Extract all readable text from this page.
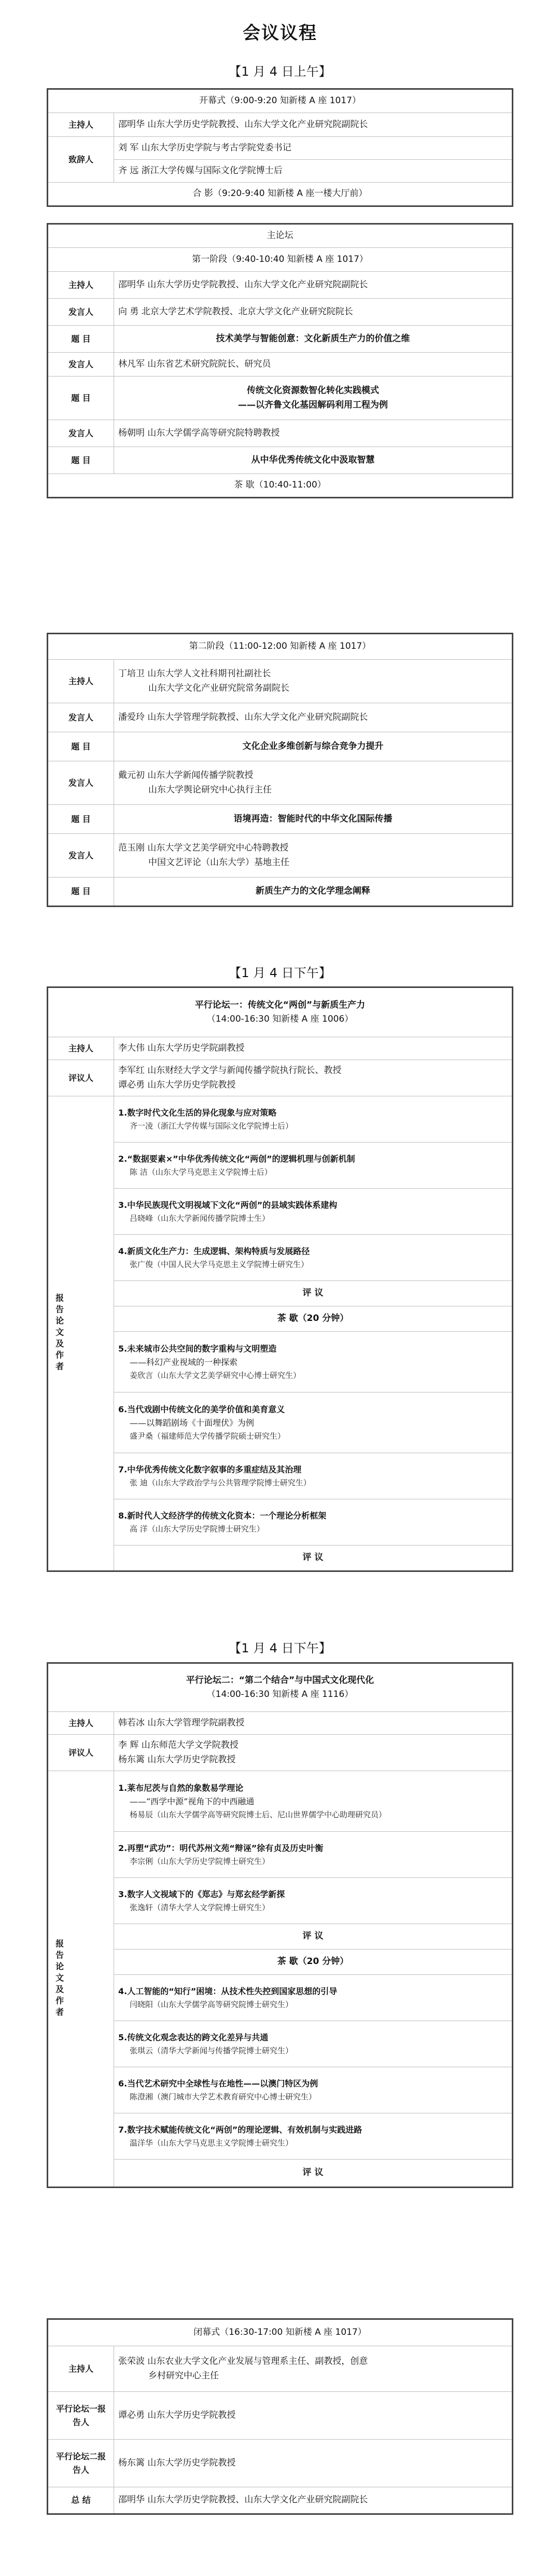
会议议程
【1 月 4 日上午】
开幕式（9:00-9:20 知新楼 A 座 1017）	
主持人	邵明华 山东大学历史学院教授、山东大学文化产业研究院副院长
致辞人	刘 军 山东大学历史学院与考古学院党委书记
	齐 远 浙江大学传媒与国际文化学院博士后
合 影（9:20-9:40 知新楼 A 座一楼大厅前）	
主论坛	
第一阶段（9:40-10:40 知新楼 A 座 1017）	
主持人	邵明华 山东大学历史学院教授、山东大学文化产业研究院副院长
发言人	向 勇 北京大学艺术学院教授、北京大学文化产业研究院院长
题 目	技术美学与智能创意：文化新质生产力的价值之维
发言人	林凡军 山东省艺术研究院院长、研究员
题 目	传统文化资源数智化转化实践模式
——以齐鲁文化基因解码利用工程为例

发言人	杨朝明 山东大学儒学高等研究院特聘教授
题 目	从中华优秀传统文化中汲取智慧
茶 歇（10:40-11:00）	
第二阶段（11:00-12:00 知新楼 A 座 1017）	
主持人	丁培卫 山东大学人文社科期刊社副社长
山东大学文化产业研究院常务副院长

发言人	潘爱玲 山东大学管理学院教授、山东大学文化产业研究院副院长
题 目	文化企业多维创新与综合竞争力提升
发言人	戴元初 山东大学新闻传播学院教授
山东大学舆论研究中心执行主任

题 目	语境再造：智能时代的中华文化国际传播
发言人	范玉刚 山东大学文艺美学研究中心特聘教授
中国文艺评论（山东大学）基地主任

题 目	新质生产力的文化学理念阐释
【1 月 4 日下午】
平行论坛一：传统文化“两创”与新质生产力
（14:00-16:30 知新楼 A 座 1006）	

主持人	李大伟 山东大学历史学院副教授
评议人	李军红 山东财经大学文学与新闻传播学院执行院长、教授
谭必勇 山东大学历史学院教授

报告论文及作者	1.数字时代文化生活的异化现象与应对策略
齐一凌（浙江大学传媒与国际文化学院博士后）

	2.“数据要素×”中华优秀传统文化“两创”的逻辑机理与创新机制
陈 洁（山东大学马克思主义学院博士后）

	3.中华民族现代文明视域下文化“两创”的县域实践体系建构
吕晓峰（山东大学新闻传播学院博士生）

	4.新质文化生产力：生成逻辑、架构特质与发展路径
张广俊（中国人民大学马克思主义学院博士研究生）

	评 议
	茶 歇（20 分钟）

	5.未来城市公共空间的数字重构与文明塑造
——科幻产业视域的一种探索
姜欣言（山东大学文艺美学研究中心博士研究生）

	6.当代戏剧中传统文化的美学价值和美育意义
——以舞蹈剧场《十面埋伏》为例
盛尹桑（福建师范大学传播学院硕士研究生）

	7.中华优秀传统文化数字叙事的多重症结及其治理
张 迪（山东大学政治学与公共管理学院博士研究生）

	8.新时代人文经济学的传统文化资本：一个理论分析框架
高 洋（山东大学历史学院博士研究生）

	评 议
【1 月 4 日下午】
平行论坛二：“第二个结合”与中国式文化现代化
（14:00-16:30 知新楼 A 座 1116）	

主持人	韩若冰 山东大学管理学院副教授
评议人	李 辉 山东师范大学文学院教授
杨东篱 山东大学历史学院教授

报告论文及作者	1.莱布尼茨与自然的象数易学理论
——“西学中源”视角下的中西融通
杨易辰（山东大学儒学高等研究院博士后、尼山世界儒学中心助理研究员）

	2.再塑“武功”：明代苏州文苑“辩诬”徐有贞及历史叶衡
李宗俐（山东大学历史学院博士研究生）

	3.数字人文视域下的《郑志》与郑玄经学新探
张逸轩（清华大学人文学院博士研究生）

	评 议
	茶 歇（20 分钟）

	4.人工智能的“知行”困境：从技术性失控到国家思想的引导
闫晓阳（山东大学儒学高等研究院博士研究生）

	5.传统文化观念表达的跨文化差异与共通
张琪云（清华大学新闻与传播学院博士研究生）

	6.当代艺术研究中全球性与在地性——以澳门特区为例
陈澄湘（澳门城市大学艺术教育研究中心博士研究生）

	7.数字技术赋能传统文化“两创”的理论逻辑、有效机制与实践进路
温洋华（山东大学马克思主义学院博士研究生）

	评 议
闭幕式（16:30-17:00 知新楼 A 座 1017）	
主持人	张荣波 山东农业大学文化产业发展与管理系主任、副教授，创意
乡村研究中心主任

平行论坛一报告人	谭必勇 山东大学历史学院教授
平行论坛二报告人	杨东篱 山东大学历史学院教授
总 结	邵明华 山东大学历史学院教授、山东大学文化产业研究院副院长
